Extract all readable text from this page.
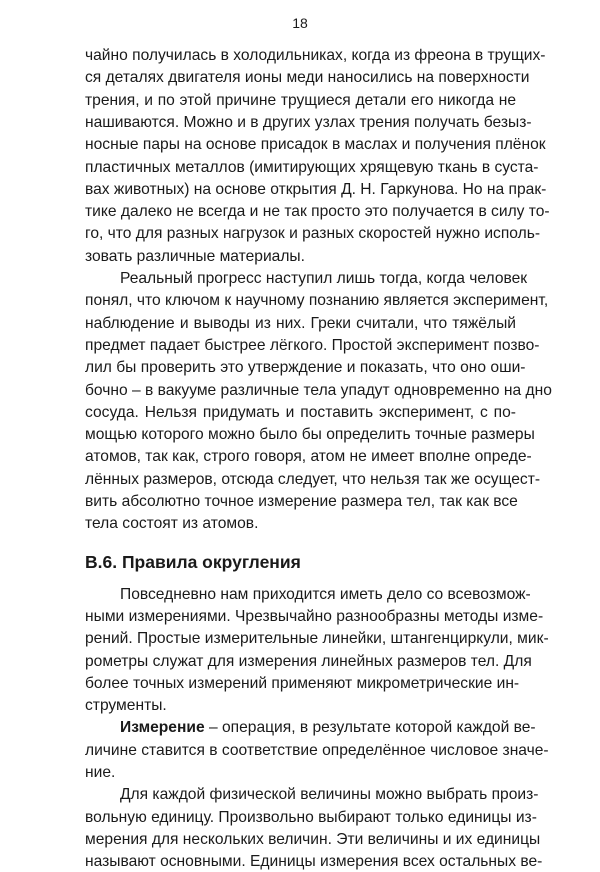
18
чайно получилась в холодильниках, когда из фреона в трущих-
ся деталях двигателя ионы меди наносились на поверхности
трения, и по этой причине трущиеся детали его никогда не
нашиваются. Можно и в других узлах трения получать безыз-
носные пары на основе присадок в маслах и получения плёнок
пластичных металлов (имитирующих хрящевую ткань в суста-
вах животных) на основе открытия Д. Н. Гаркунова. Но на прак-
тике далеко не всегда и не так просто это получается в силу то-
го, что для разных нагрузок и разных скоростей нужно исполь-
зовать различные материалы.
Реальный прогресс наступил лишь тогда, когда человек
понял, что ключом к научному познанию является эксперимент,
наблюдение и выводы из них. Греки считали, что тяжёлый
предмет падает быстрее лёгкого. Простой эксперимент позво-
лил бы проверить это утверждение и показать, что оно оши-
бочно – в вакууме различные тела упадут одновременно на дно
сосуда. Нельзя придумать и поставить эксперимент, с по-
мощью которого можно было бы определить точные размеры
атомов, так как, строго говоря, атом не имеет вполне опреде-
лённых размеров, отсюда следует, что нельзя так же осущест-
вить абсолютно точное измерение размера тел, так как все
тела состоят из атомов.
В.6. Правила округления
Повседневно нам приходится иметь дело со всевозмож-
ными измерениями. Чрезвычайно разнообразны методы изме-
рений. Простые измерительные линейки, штангенциркули, мик-
рометры служат для измерения линейных размеров тел. Для
более точных измерений применяют микрометрические ин-
струменты.
Измерение – операция, в результате которой каждой ве-
личине ставится в соответствие определённое числовое значе-
ние.
Для каждой физической величины можно выбрать произ-
вольную единицу. Произвольно выбирают только единицы из-
мерения для нескольких величин. Эти величины и их единицы
называют основными. Единицы измерения всех остальных ве-
